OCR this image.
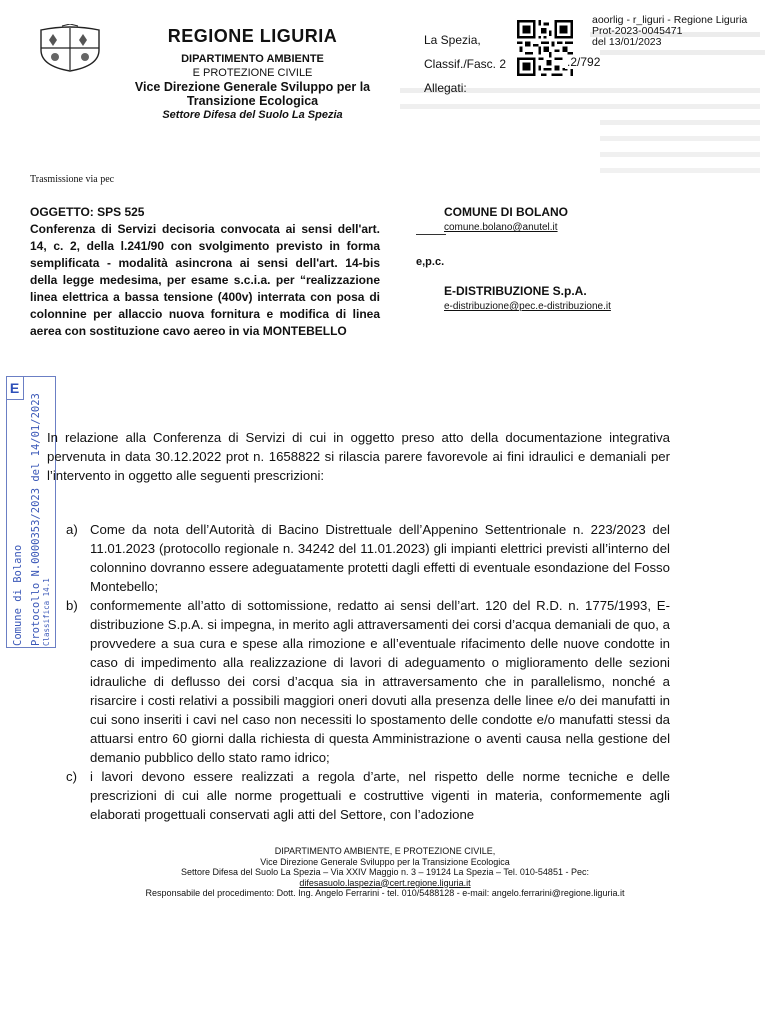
REGIONE LIGURIA
DIPARTIMENTO AMBIENTE
E PROTEZIONE CIVILE
Vice Direzione Generale Sviluppo per la
Transizione Ecologica
Settore Difesa del Suolo La Spezia
La Spezia,
Classif./Fasc. 2
Allegati:
.2/792
aoorlig - r_liguri - Regione Liguria
Prot-2023-0045471
del 13/01/2023
Trasmissione via pec
OGGETTO: SPS 525
Conferenza di Servizi decisoria convocata ai sensi dell'art. 14, c. 2, della l.241/90 con svolgimento previsto in forma semplificata - modalità asincrona ai sensi dell'art. 14-bis della legge medesima, per esame s.c.i.a. per “realizzazione linea elettrica a bassa tensione (400v) interrata con posa di colonnine per allaccio nuova fornitura e modifica di linea aerea con sostituzione cavo aereo in via MONTEBELLO
COMUNE DI BOLANO
comune.bolano@anutel.it
e,p.c.
E-DISTRIBUZIONE S.p.A.
e-distribuzione@pec.e-distribuzione.it
E
Comune di Bolano Protocollo N.0000353/2023 del 14/01/2023 Classifica 14.1
In relazione alla Conferenza di Servizi di cui in oggetto preso atto della documentazione integrativa pervenuta in data 30.12.2022 prot n. 1658822 si rilascia parere favorevole ai fini idraulici e demaniali per l’intervento in oggetto alle seguenti prescrizioni:

a) Come da nota dell’Autorità di Bacino Distrettuale dell’Appenino Settentrionale n. 223/2023 del 11.01.2023 (protocollo regionale n. 34242 del 11.01.2023) gli impianti elettrici previsti all’interno del colonnino dovranno essere adeguatamente protetti dagli effetti di eventuale esondazione del Fosso Montebello;

b) conformemente all’atto di sottomissione, redatto ai sensi dell’art. 120 del R.D. n. 1775/1993, E- distribuzione S.p.A. si impegna, in merito agli attraversamenti dei corsi d’acqua demaniali de quo, a provvedere a sua cura e spese alla rimozione e all’eventuale rifacimento delle nuove condotte in caso di impedimento alla realizzazione di lavori di adeguamento o miglioramento delle sezioni idrauliche di deflusso dei corsi d’acqua sia in attraversamento che in parallelismo, nonché a risarcire i costi relativi a possibili maggiori oneri dovuti alla presenza delle linee e/o dei manufatti in cui sono inseriti i cavi nel caso non necessiti lo spostamento delle condotte e/o manufatti stessi da attuarsi entro 60 giorni dalla richiesta di questa Amministrazione o aventi causa nella gestione del demanio pubblico dello stato ramo idrico;

c) i lavori devono essere realizzati a regola d’arte, nel rispetto delle norme tecniche e delle prescrizioni di cui alle norme progettuali e costruttive vigenti in materia, conformemente agli elaborati progettuali conservati agli atti del Settore, con l’adozione

DIPARTIMENTO AMBIENTE, E PROTEZIONE CIVILE,
Vice Direzione Generale Sviluppo per la Transizione Ecologica
Settore Difesa del Suolo La Spezia – Via XXIV Maggio n. 3 – 19124 La Spezia – Tel. 010-54851 - Pec:
difesasuolo.laspezia@cert.regione.liguria.it
Responsabile del procedimento: Dott. Ing. Angelo Ferrarini - tel. 010/5488128 - e-mail: angelo.ferrarini@regione.liguria.it
